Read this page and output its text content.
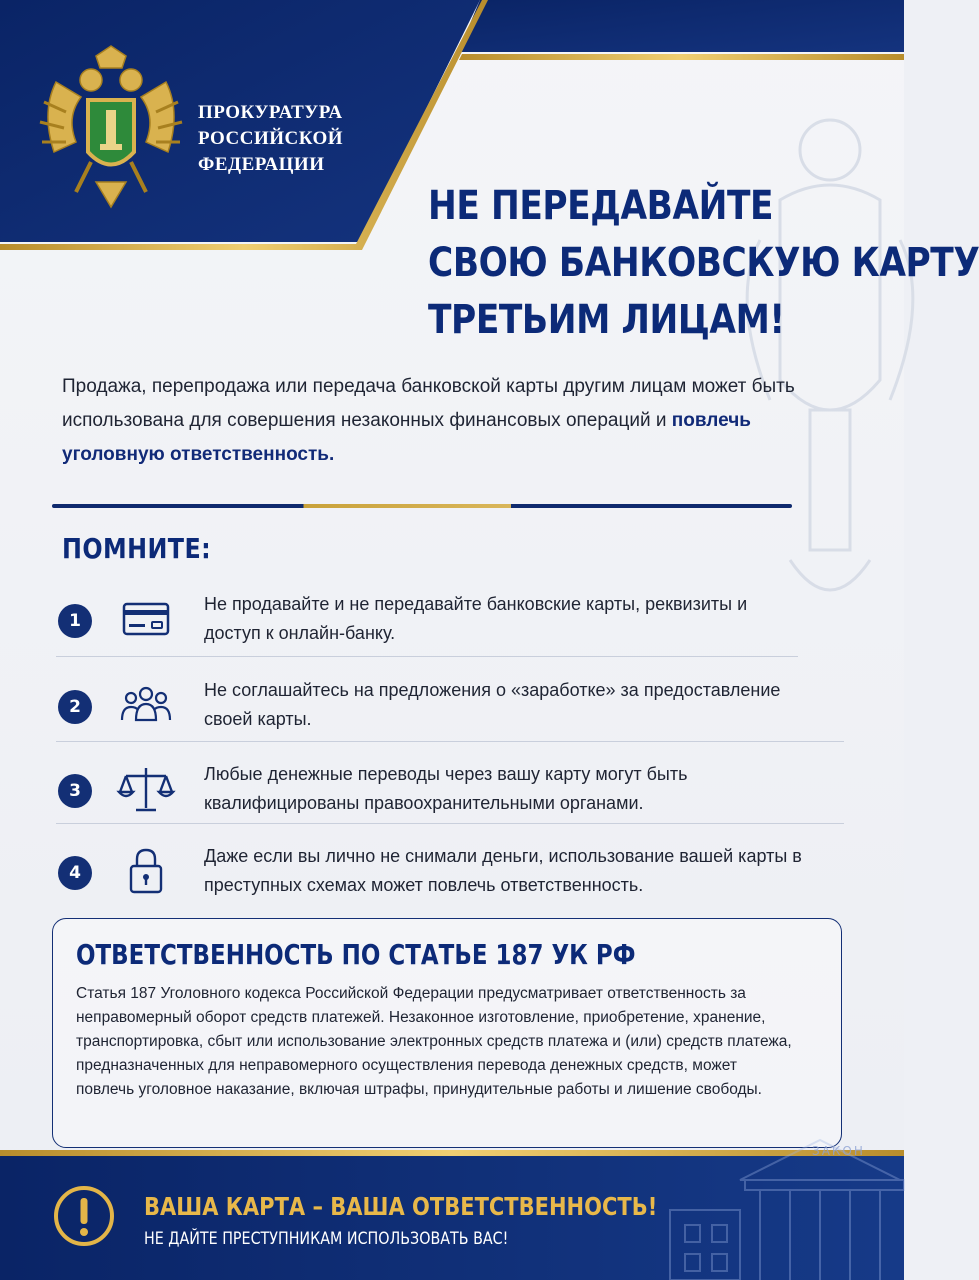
ПРОКУРАТУРА
РОССИЙСКОЙ
ФЕДЕРАЦИИ
НЕ ПЕРЕДАВАЙТЕ
СВОЮ БАНКОВСКУЮ КАРТУ
ТРЕТЬИМ ЛИЦАМ!
Продажа, перепродажа или передача банковской карты другим лицам может быть использована для совершения незаконных финансовых операций и повлечь уголовную ответственность.
ПОМНИТЕ:
1
Не продавайте и не передавайте банковские карты, реквизиты и доступ к онлайн-банку.
2
Не соглашайтесь на предложения о «заработке» за предоставление своей карты.
3
Любые денежные переводы через вашу карту могут быть квалифицированы правоохранительными органами.
4
Даже если вы лично не снимали деньги, использование вашей карты в преступных схемах может повлечь ответственность.
ОТВЕТСТВЕННОСТЬ ПО СТАТЬЕ 187 УК РФ
Статья 187 Уголовного кодекса Российской Федерации предусматривает ответственность за неправомерный оборот средств платежей. Незаконное изготовление, приобретение, хранение, транспортировка, сбыт или использование электронных средств платежа и (или) средств платежа, предназначенных для неправомерного осуществления перевода денежных средств, может повлечь уголовное наказание, включая штрафы, принудительные работы и лишение свободы.
ЗАКОН
ВАША КАРТА – ВАША ОТВЕТСТВЕННОСТЬ!
НЕ ДАЙТЕ ПРЕСТУПНИКАМ ИСПОЛЬЗОВАТЬ ВАС!
